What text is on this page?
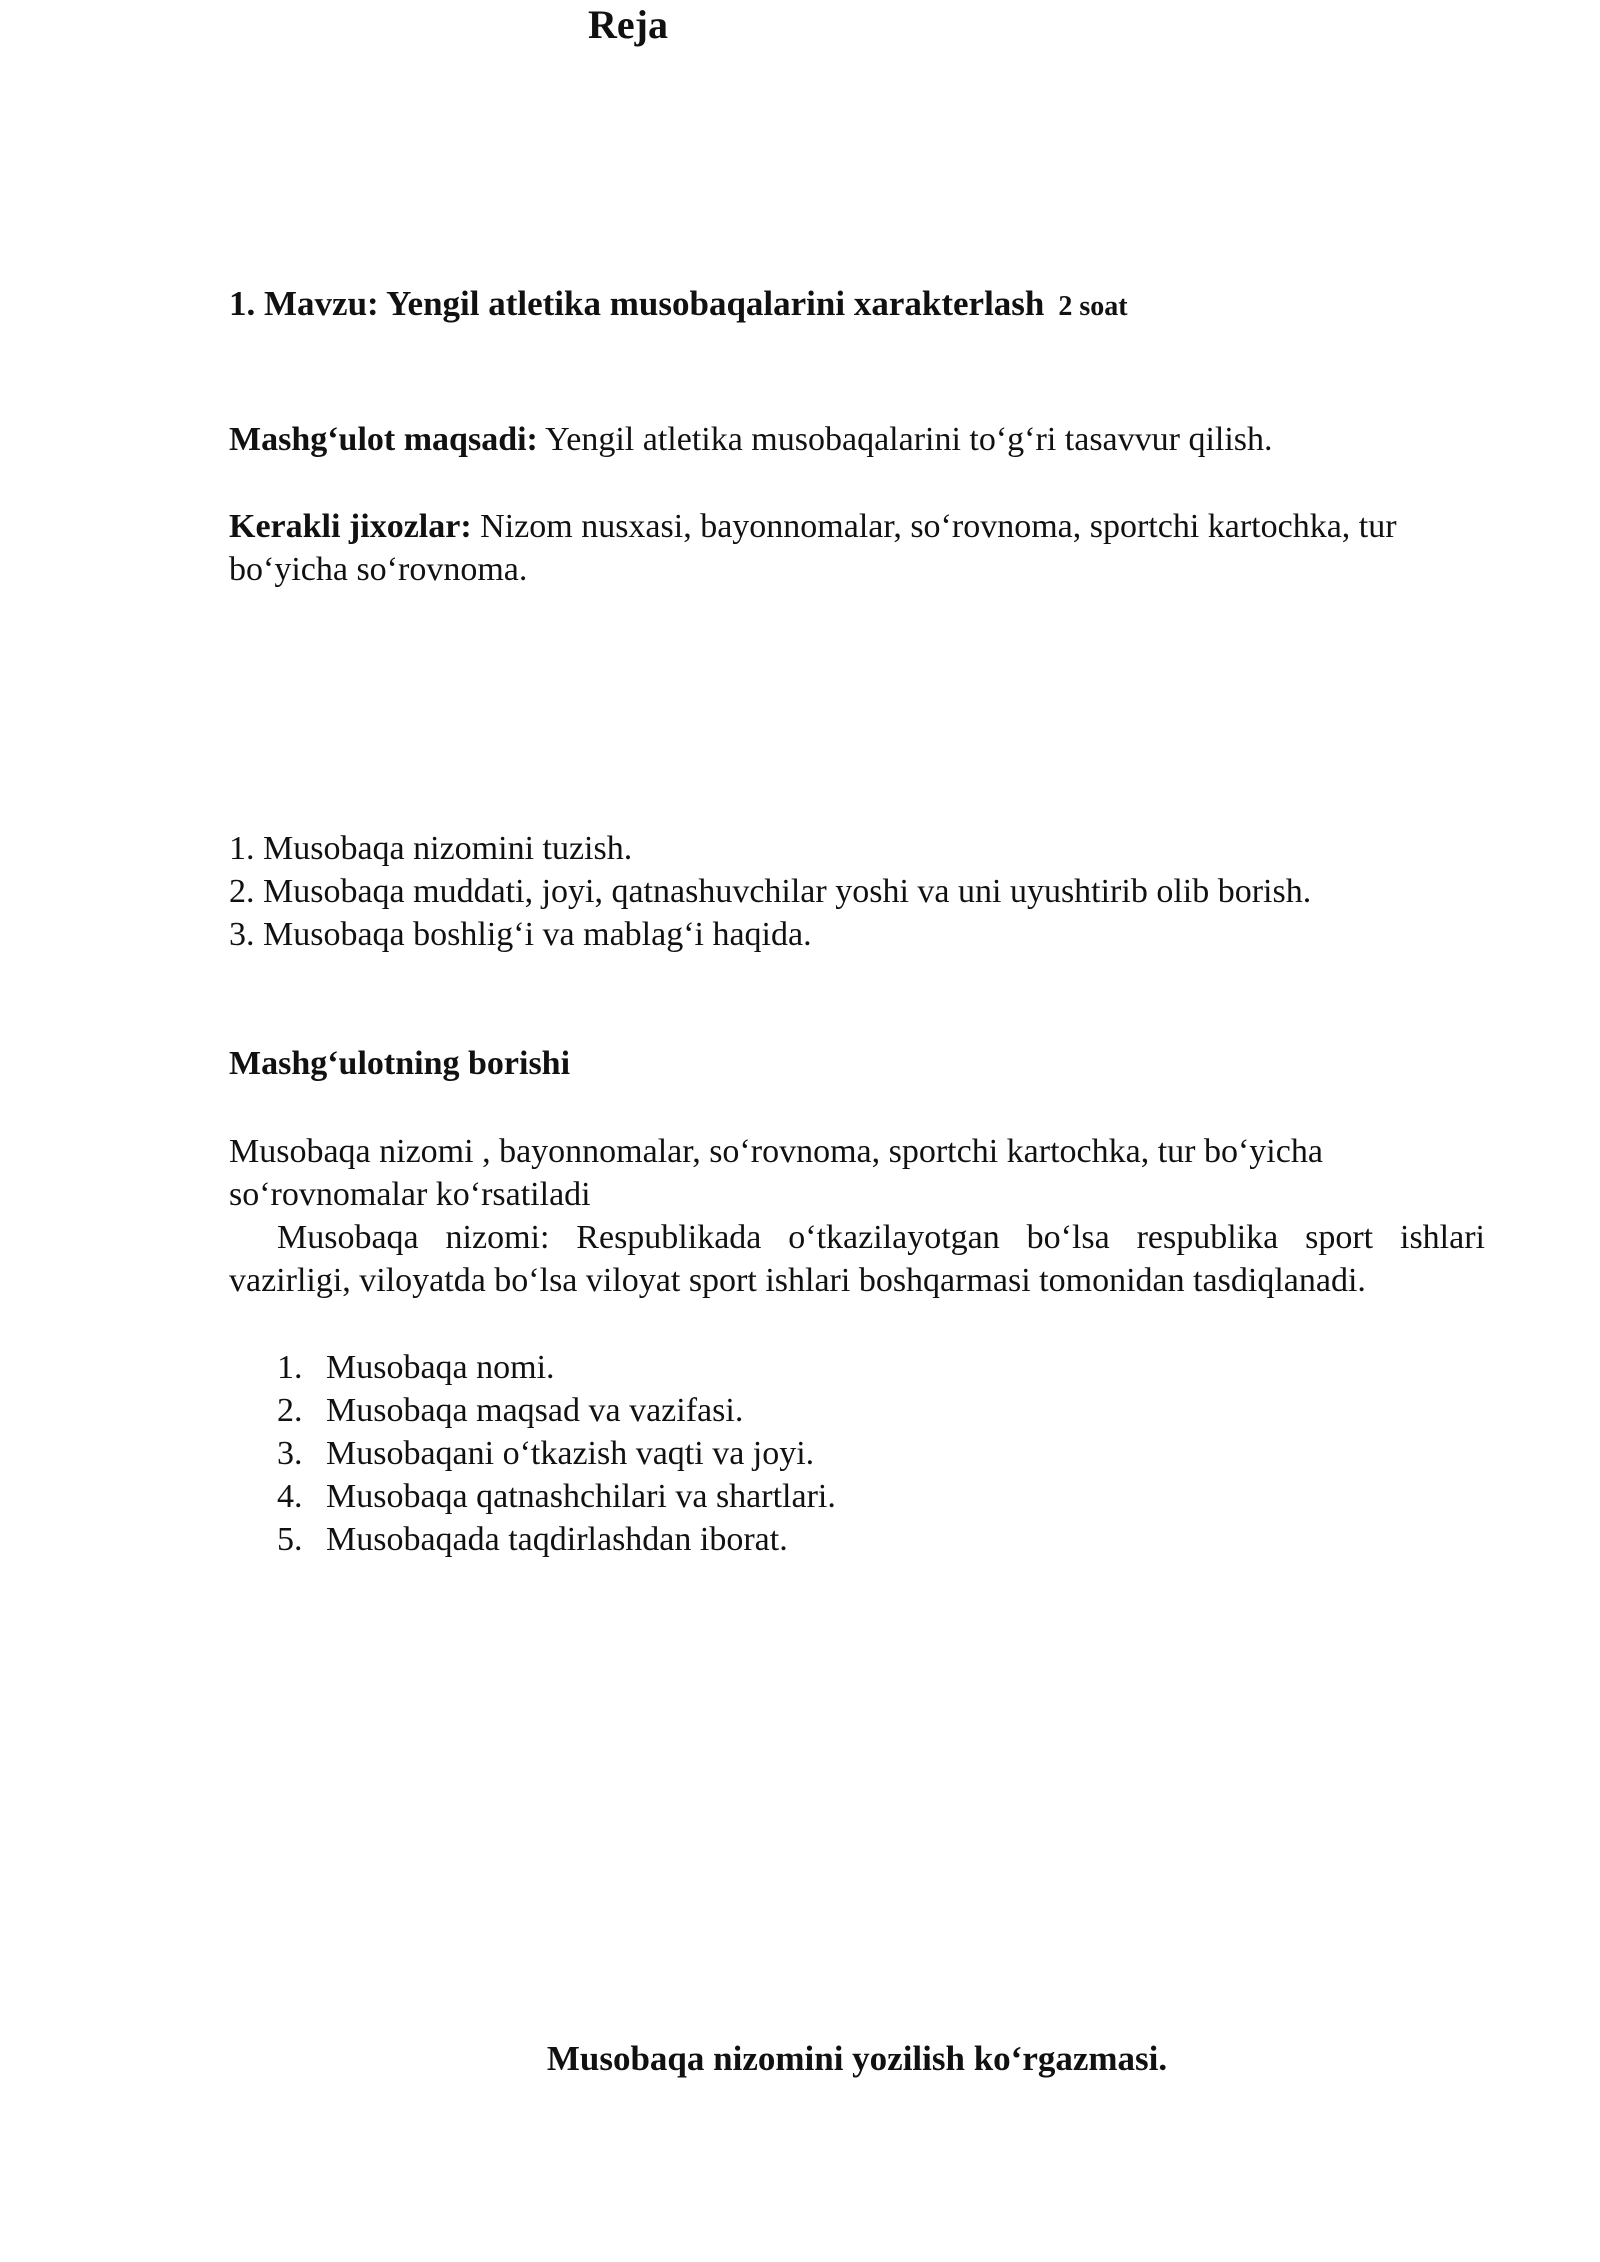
1. Mavzu: Yengil atletika musobaqalarini xarakterlash 2 soat
Mashg‘ulot maqsadi: Yengil atletika musobaqalarini to‘g‘ri tasavvur qilish.
Kerakli jixozlar: Nizom nusxasi, bayonnomalar, so‘rovnoma, sportchi kartochka, tur bo‘yicha so‘rovnoma.
Reja
1. Musobaqa nizomini tuzish.
2. Musobaqa muddati, joyi, qatnashuvchilar yoshi va uni uyushtirib olib borish.
3. Musobaqa boshlig‘i va mablag‘i haqida.
Mashg‘ulotning borishi
Musobaqa nizomi , bayonnomalar, so‘rovnoma, sportchi kartochka, tur bo‘yicha so‘rovnomalar ko‘rsatiladi
Musobaqa nizomi: Respublikada o‘tkazilayotgan bo‘lsa respublika sport ishlari vazirligi, viloyatda bo‘lsa viloyat sport ishlari boshqarmasi tomonidan tasdiqlanadi.
1. Musobaqa nomi.
2. Musobaqa maqsad va vazifasi.
3. Musobaqani o‘tkazish vaqti va joyi.
4. Musobaqa qatnashchilari va shartlari.
5. Musobaqada taqdirlashdan iborat.
Musobaqa nizomini yozilish ko‘rgazmasi.
